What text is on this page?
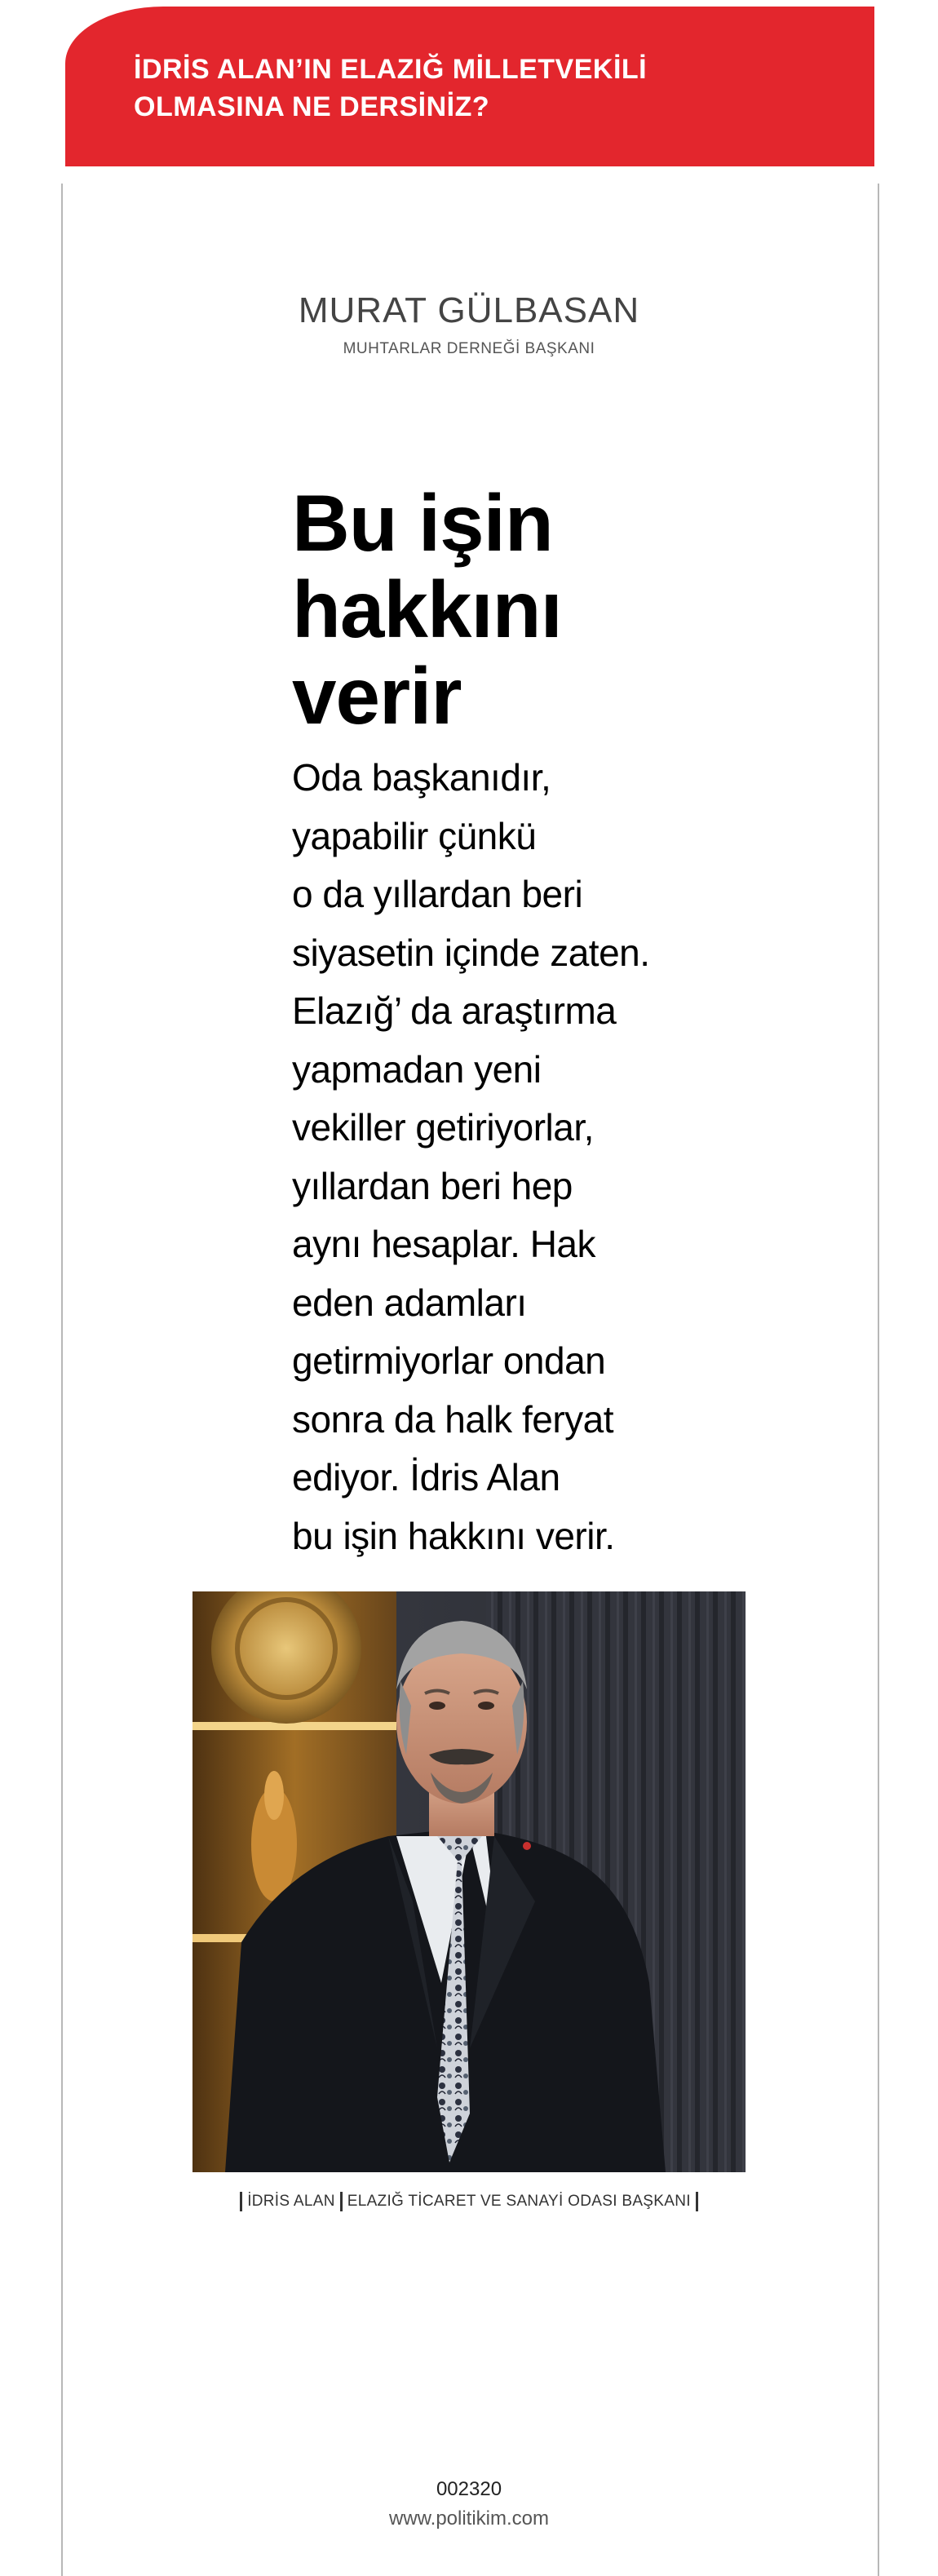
İDRİS ALAN’IN ELAZIĞ MİLLETVEKİLİ
OLMASINA NE DERSİNİZ?
MURAT GÜLBASAN
MUHTARLAR DERNEĞİ BAŞKANI
Bu işin
hakkını
verir
Oda başkanıdır,
yapabilir çünkü
o da yıllardan beri
siyasetin içinde zaten.
Elazığ’ da araştırma
yapmadan yeni
vekiller getiriyorlar,
yıllardan beri hep
aynı hesaplar. Hak
eden adamları
getirmiyorlar ondan
sonra da halk feryat
ediyor. İdris Alan
bu işin hakkını verir.
İDRİS ALAN ELAZIĞ TİCARET VE SANAYİ ODASI BAŞKANI
002320
www.politikim.com
